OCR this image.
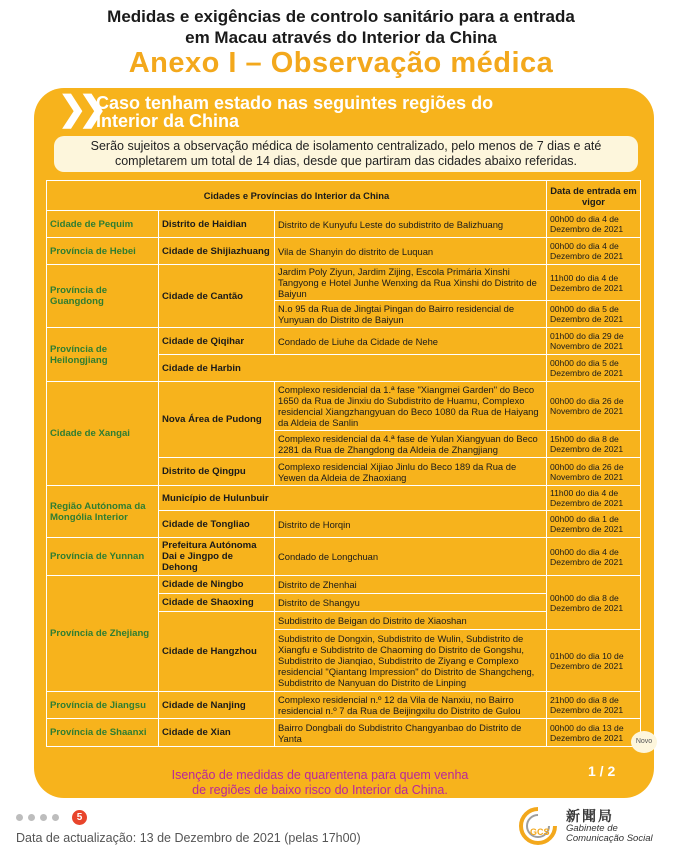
Medidas e exigências de controlo sanitário para a entrada
em Macau através do Interior da China
Anexo I – Observação médica
❯❯
Caso tenham estado nas seguintes regiões do
Interior da China
Serão sujeitos a observação médica de isolamento centralizado, pelo menos de 7 dias e até
completarem um total de 14 dias, desde que partiram das cidades abaixo referidas.
Cidades e Províncias do Interior da China			Data de entrada em vigor
Cidade de Pequim	Distrito de Haidian	Distrito de Kunyufu Leste do subdistrito de Balizhuang	00h00 do dia 4 de Dezembro de 2021
Província de Hebei	Cidade de Shijiazhuang	Vila de Shanyin do distrito de Luquan	00h00 do dia 4 de Dezembro de 2021
Província de Guangdong	Cidade de Cantão	Jardim Poly Ziyun, Jardim Zijing, Escola Primária Xinshi Tangyong e Hotel Junhe Wenxing da Rua Xinshi do Distrito de Baiyun	11h00 do dia 4 de Dezembro de 2021
		N.o 95 da Rua de Jingtai Pingan do Bairro residencial de Yunyuan do Distrito de Baiyun	00h00 do dia 5 de Dezembro de 2021
Província de Heilongjiang	Cidade de Qiqihar	Condado de Liuhe da Cidade de Nehe	01h00 do dia 29 de Novembro de 2021
	Cidade de Harbin		00h00 do dia 5 de Dezembro de 2021
Cidade de Xangai	Nova Área de Pudong	Complexo residencial da 1.ª fase "Xiangmei Garden" do Beco 1650 da Rua de Jinxiu do Subdistrito de Huamu, Complexo residencial Xiangzhangyuan do Beco 1080 da Rua de Haiyang da Aldeia de Sanlin	00h00 do dia 26 de Novembro de 2021
		Complexo residencial da 4.ª fase de Yulan Xiangyuan do Beco 2281 da Rua de Zhangdong da Aldeia de Zhangjiang	15h00 do dia 8 de Dezembro de 2021
	Distrito de Qingpu	Complexo residencial Xijiao Jinlu do Beco 189 da Rua de Yewen da Aldeia de Zhaoxiang	00h00 do dia 26 de Novembro de 2021
Região Autónoma da Mongólia Interior	Município de Hulunbuir		11h00 do dia 4 de Dezembro de 2021
	Cidade de Tongliao	Distrito de Horqin	00h00 do dia 1 de Dezembro de 2021
Província de Yunnan	Prefeitura Autónoma Dai e Jingpo de Dehong	Condado de Longchuan	00h00 do dia 4 de Dezembro de 2021
Província de Zhejiang	Cidade de Ningbo	Distrito de Zhenhai	00h00 do dia 8 de Dezembro de 2021
	Cidade de Shaoxing	Distrito de Shangyu	
	Cidade de Hangzhou	Subdistrito de Beigan do Distrito de Xiaoshan	
		Subdistrito de Dongxin, Subdistrito de Wulin, Subdistrito de Xiangfu e Subdistrito de Chaoming do Distrito de Gongshu, Subdistrito de Jianqiao, Subdistrito de Ziyang e Complexo residencial "Qiantang Impression" do Distrito de Shangcheng, Subdistrito de Nanyuan do Distrito de Linping	01h00 do dia 10 de Dezembro de 2021
Província de Jiangsu	Cidade de Nanjing	Complexo residencial n.º 12 da Vila de Nanxiu, no Bairro residencial n.º 7 da Rua de Beijingxilu do Distrito de Gulou	21h00 do dia 8 de Dezembro de 2021
Província de Shaanxi	Cidade de Xian	Bairro Dongbali do Subdistrito Changyanbao do Distrito de Yanta	00h00 do dia 13 de Dezembro de 2021	Novo
1 / 2
Isenção de medidas de quarentena para quem venha
de regiões de baixo risco do Interior da China.
5
Data de actualização: 13 de Dezembro de 2021 (pelas 17h00)	GCS
新聞局
Gabinete de
Comunicação Social
